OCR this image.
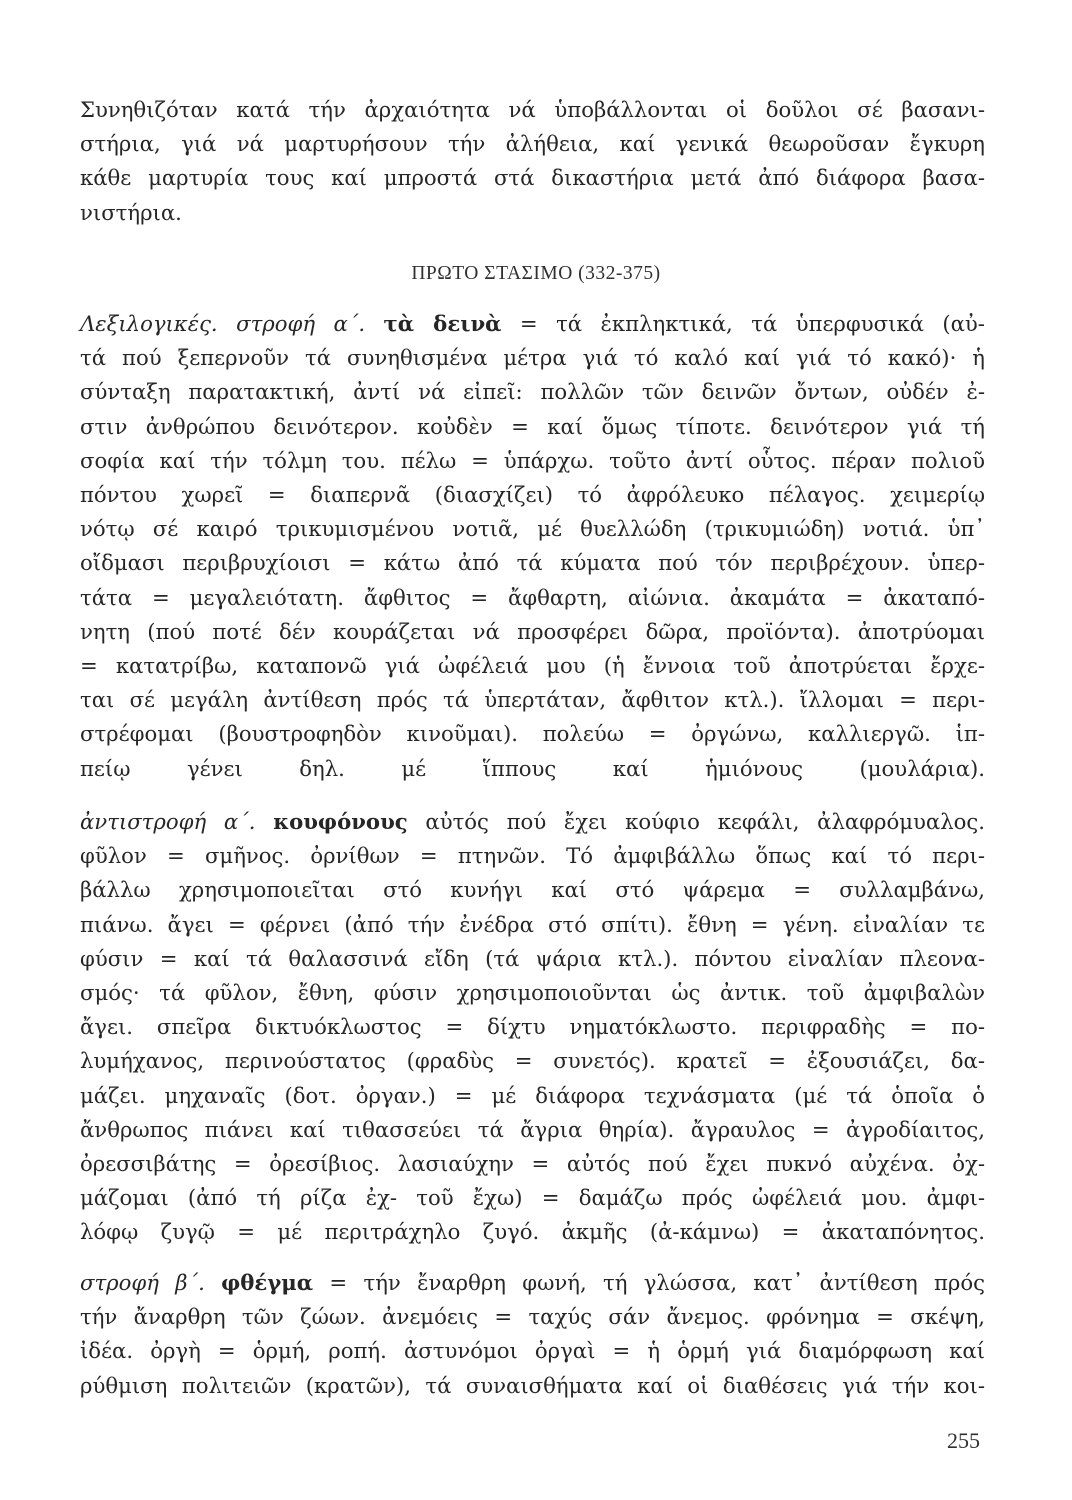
Συνηθιζόταν κατά τήν ἀρχαιότητα νά ὑποβάλλονται οἱ δοῦλοι σέ βασανι-
στήρια, γιά νά μαρτυρήσουν τήν ἀλήθεια, καί γενικά θεωροῦσαν ἔγκυρη
κάθε μαρτυρία τους καί μπροστά στά δικαστήρια μετά ἀπό διάφορα βασα-
νιστήρια.
ΠΡΩΤΟ ΣΤΑΣΙΜΟ (332-375)
Λεξιλογικές. στροφή α΄. τὰ δεινὰ = τά ἐκπληκτικά, τά ὑπερφυσικά (αὐ-
τά πού ξεπερνοῦν τά συνηθισμένα μέτρα γιά τό καλό καί γιά τό κακό)· ἡ
σύνταξη παρατακτική, ἀντί νά εἰπεῖ: πολλῶν τῶν δεινῶν ὄντων, οὐδέν ἐ-
στιν ἀνθρώπου δεινότερον. κοὐδὲν = καί ὅμως τίποτε. δεινότερον γιά τή
σοφία καί τήν τόλμη του. πέλω = ὑπάρχω. τοῦτο ἀντί οὗτος. πέραν πολιοῦ
πόντου χωρεῖ = διαπερνᾶ (διασχίζει) τό ἀφρόλευκο πέλαγος. χειμερίῳ
νότῳ σέ καιρό τρικυμισμένου νοτιᾶ, μέ θυελλώδη (τρικυμιώδη) νοτιά. ὑπ᾽
οἴδμασι περιβρυχίοισι = κάτω ἀπό τά κύματα πού τόν περιβρέχουν. ὑπερ-
τάτα = μεγαλειότατη. ἄφθιτος = ἄφθαρτη, αἰώνια. ἀκαμάτα = ἀκαταπό-
νητη (πού ποτέ δέν κουράζεται νά προσφέρει δῶρα, προϊόντα). ἀποτρύομαι
= κατατρίβω, καταπονῶ γιά ὠφέλειά μου (ἡ ἔννοια τοῦ ἀποτρύεται ἔρχε-
ται σέ μεγάλη ἀντίθεση πρός τά ὑπερτάταν, ἄφθιτον κτλ.). ἴλλομαι = περι-
στρέφομαι (βουστροφηδὸν κινοῦμαι). πολεύω = ὀργώνω, καλλιεργῶ. ἱπ-
πείῳ γένει δηλ. μέ ἵππους καί ἡμιόνους (μουλάρια).
ἀντιστροφή α΄. κουφόνους αὐτός πού ἔχει κούφιο κεφάλι, ἀλαφρόμυαλος.
φῦλον = σμῆνος. ὀρνίθων = πτηνῶν. Τό ἀμφιβάλλω ὅπως καί τό περι-
βάλλω χρησιμοποιεῖται στό κυνήγι καί στό ψάρεμα = συλλαμβάνω,
πιάνω. ἄγει = φέρνει (ἀπό τήν ἐνέδρα στό σπίτι). ἔθνη = γένη. εἰναλίαν τε
φύσιν = καί τά θαλασσινά εἴδη (τά ψάρια κτλ.). πόντου εἰναλίαν πλεονα-
σμός· τά φῦλον, ἔθνη, φύσιν χρησιμοποιοῦνται ὡς ἀντικ. τοῦ ἀμφιβαλὼν
ἄγει. σπεῖρα δικτυόκλωστος = δίχτυ νηματόκλωστο. περιφραδὴς = πο-
λυμήχανος, περινούστατος (φραδὺς = συνετός). κρατεῖ = ἐξουσιάζει, δα-
μάζει. μηχαναῖς (δοτ. ὀργαν.) = μέ διάφορα τεχνάσματα (μέ τά ὁποῖα ὁ
ἄνθρωπος πιάνει καί τιθασσεύει τά ἄγρια θηρία). ἄγραυλος = ἀγροδίαιτος,
ὀρεσσιβάτης = ὀρεσίβιος. λασιαύχην = αὐτός πού ἔχει πυκνό αὐχένα. ὀχ-
μάζομαι (ἀπό τή ρίζα ἐχ- τοῦ ἔχω) = δαμάζω πρός ὠφέλειά μου. ἀμφι-
λόφῳ ζυγῷ = μέ περιτράχηλο ζυγό. ἀκμῆς (ἀ-κάμνω) = ἀκαταπόνητος.
στροφή β΄. φθέγμα = τήν ἔναρθρη φωνή, τή γλώσσα, κατ᾽ ἀντίθεση πρός
τήν ἄναρθρη τῶν ζώων. ἀνεμόεις = ταχύς σάν ἄνεμος. φρόνημα = σκέψη,
ἰδέα. ὀργὴ = ὁρμή, ροπή. ἀστυνόμοι ὀργαὶ = ἡ ὁρμή γιά διαμόρφωση καί
ρύθμιση πολιτειῶν (κρατῶν), τά συναισθήματα καί οἱ διαθέσεις γιά τήν κοι-
255
